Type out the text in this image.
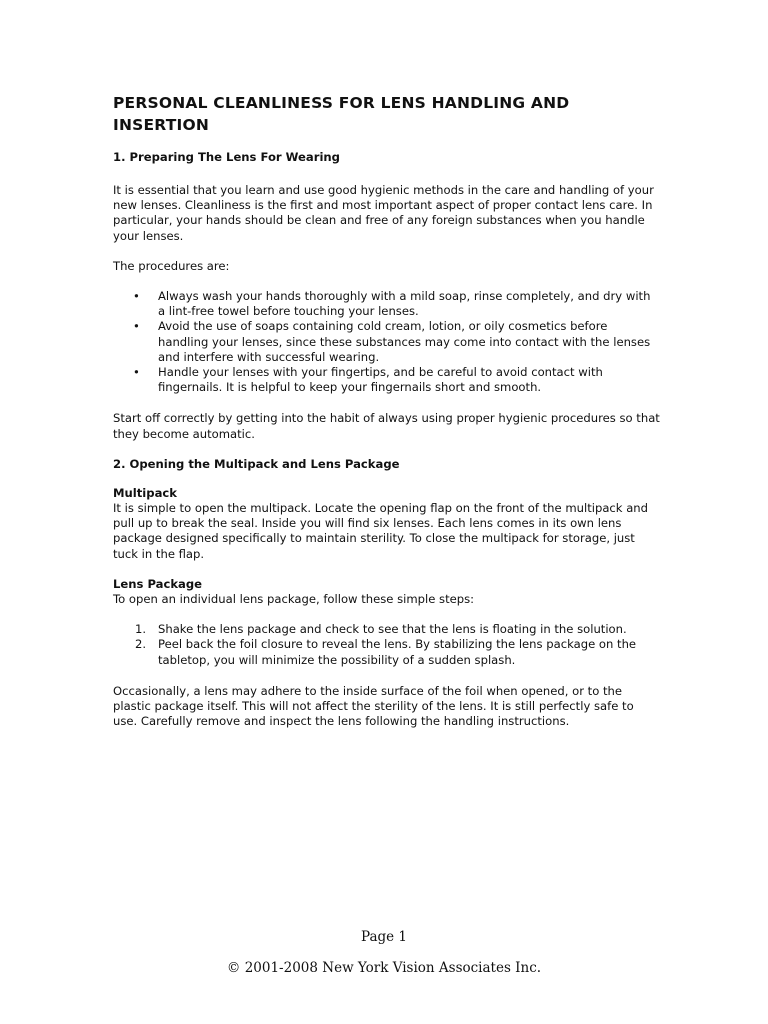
PERSONAL CLEANLINESS FOR LENS HANDLING AND INSERTION
1. Preparing The Lens For Wearing

It is essential that you learn and use good hygienic methods in the care and handling of your new lenses. Cleanliness is the first and most important aspect of proper contact lens care. In particular, your hands should be clean and free of any foreign substances when you handle your lenses.

The procedures are:

• Always wash your hands thoroughly with a mild soap, rinse completely, and dry with a lint-free towel before touching your lenses.
• Avoid the use of soaps containing cold cream, lotion, or oily cosmetics before handling your lenses, since these substances may come into contact with the lenses and interfere with successful wearing.
• Handle your lenses with your fingertips, and be careful to avoid contact with fingernails. It is helpful to keep your fingernails short and smooth.

Start off correctly by getting into the habit of always using proper hygienic procedures so that they become automatic.

2. Opening the Multipack and Lens Package
Multipack

It is simple to open the multipack. Locate the opening flap on the front of the multipack and pull up to break the seal. Inside you will find six lenses. Each lens comes in its own lens package designed specifically to maintain sterility. To close the multipack for storage, just tuck in the flap.

Lens Package

To open an individual lens package, follow these simple steps:

1. Shake the lens package and check to see that the lens is floating in the solution.
2. Peel back the foil closure to reveal the lens. By stabilizing the lens package on the tabletop, you will minimize the possibility of a sudden splash.

Occasionally, a lens may adhere to the inside surface of the foil when opened, or to the plastic package itself. This will not affect the sterility of the lens. It is still perfectly safe to use. Carefully remove and inspect the lens following the handling instructions.

Page 1
© 2001-2008 New York Vision Associates Inc.
